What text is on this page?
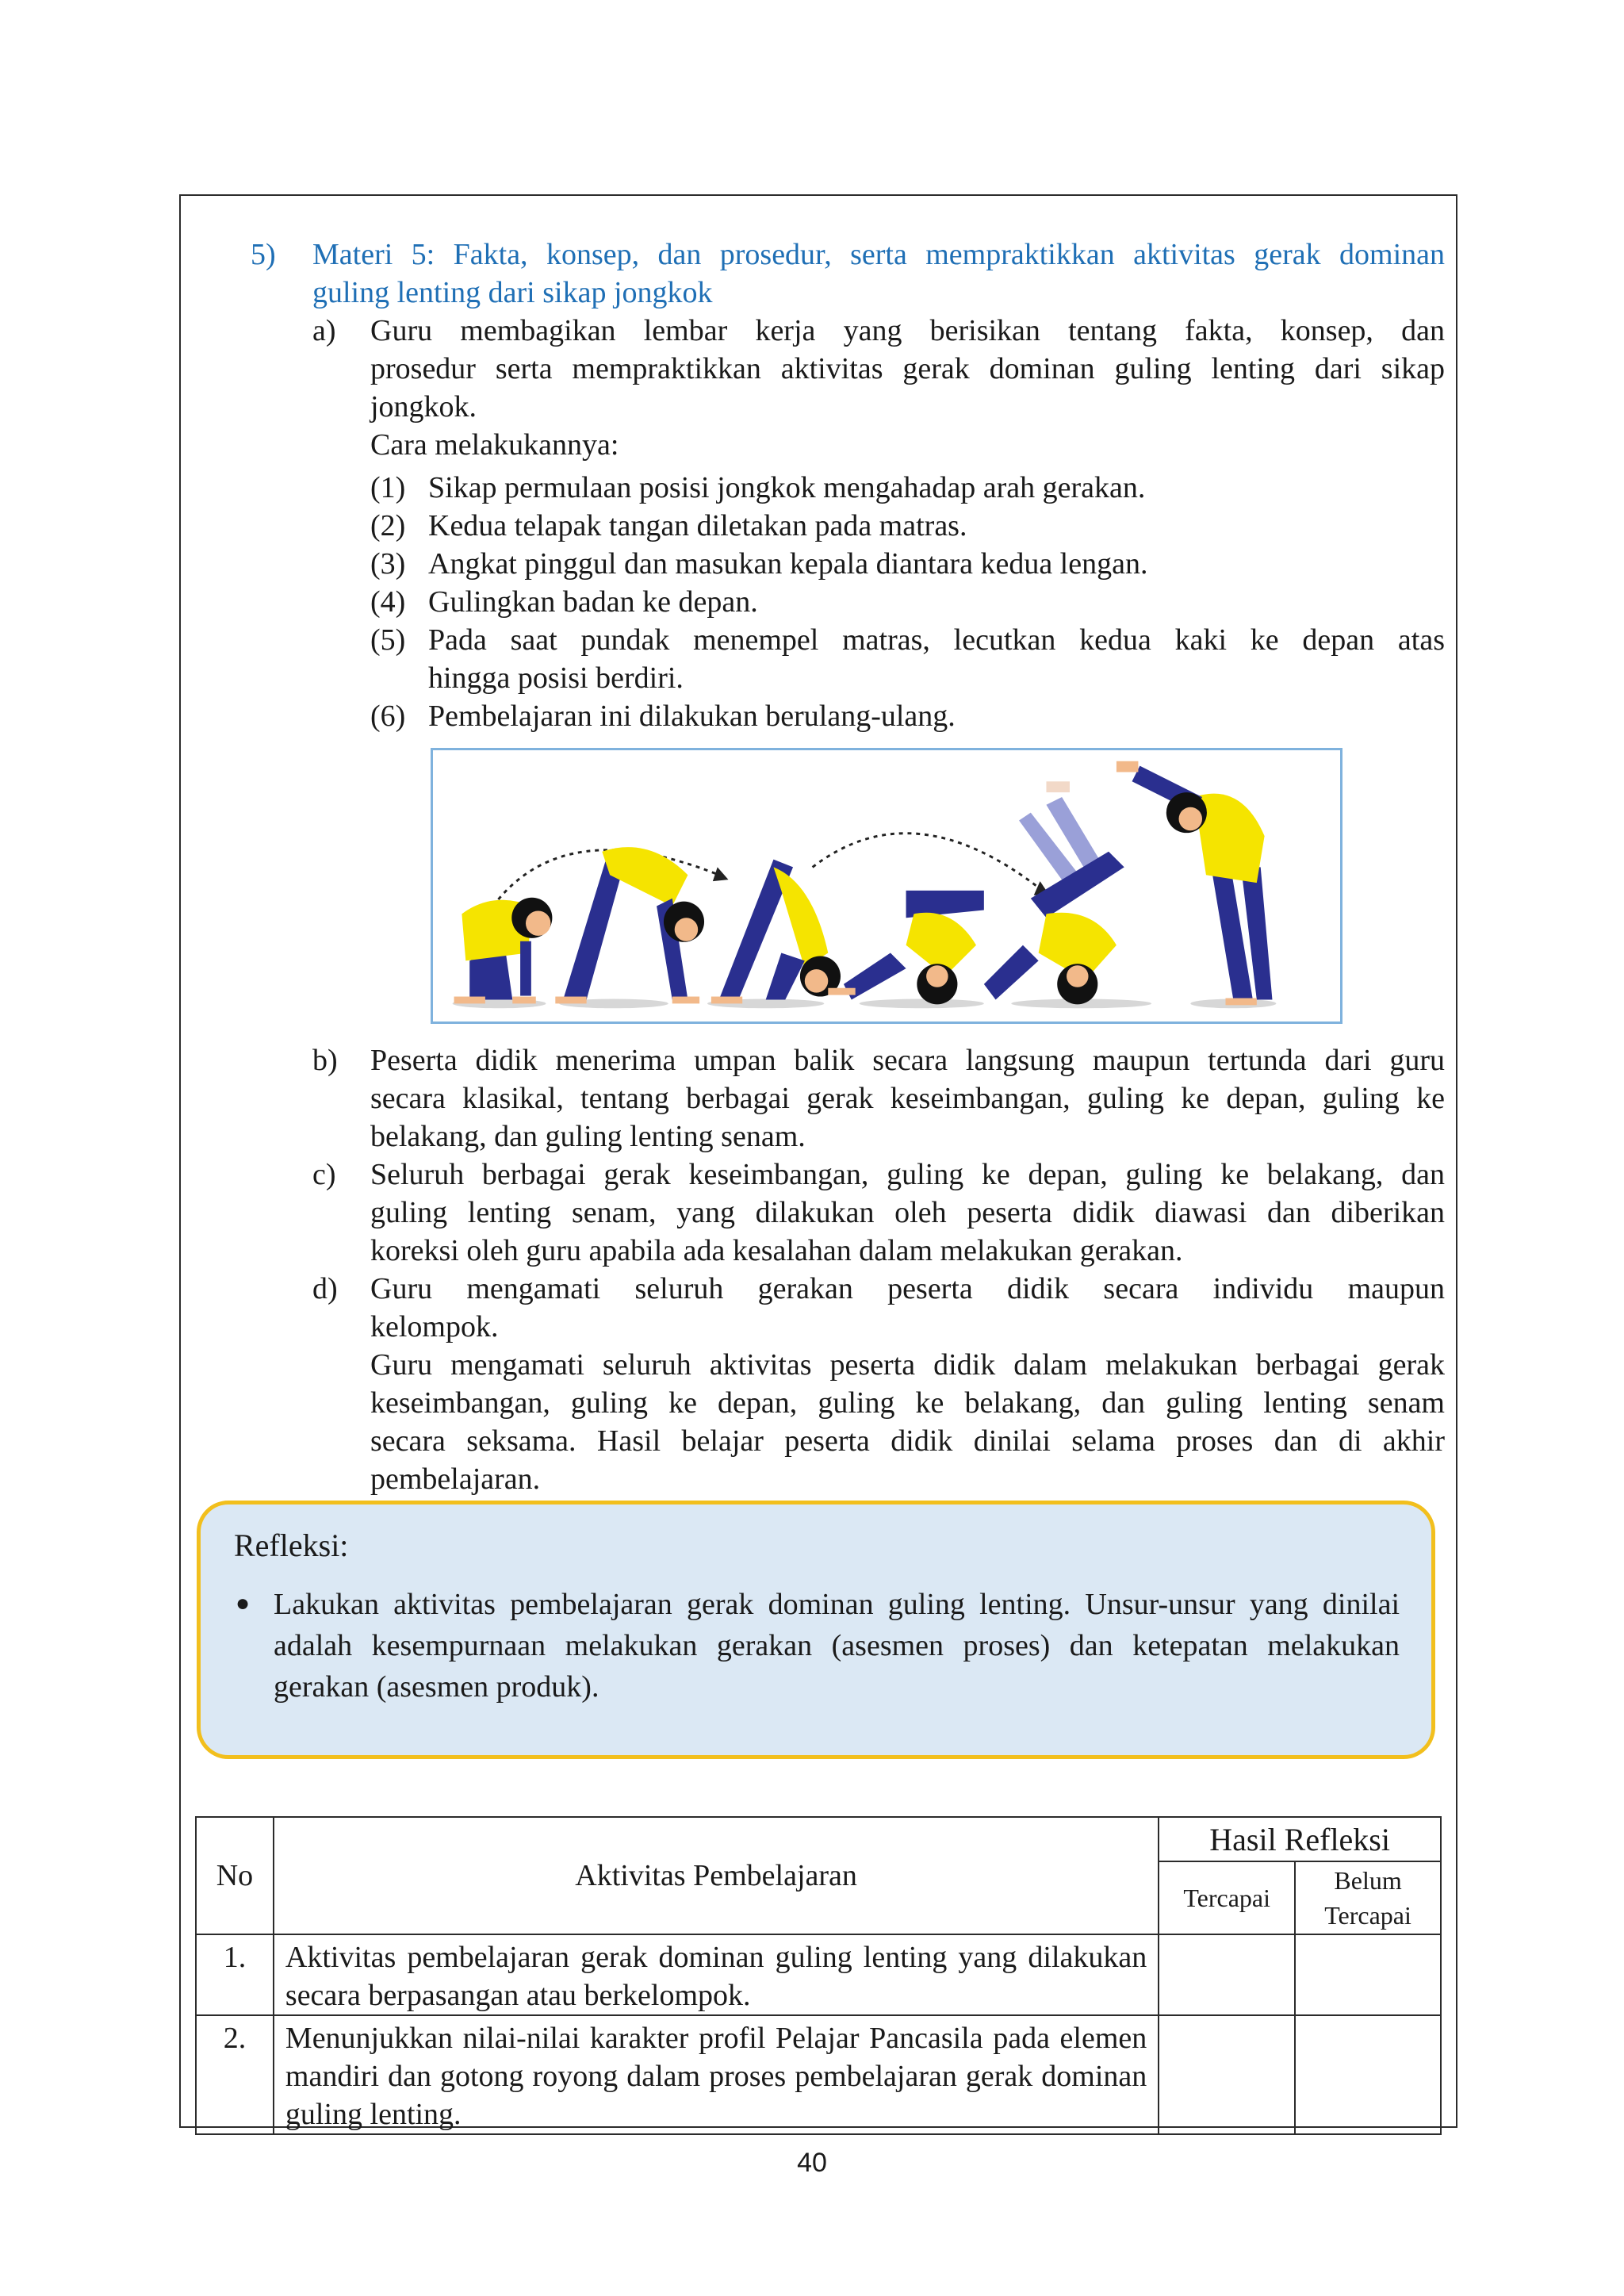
5) Materi 5: Fakta, konsep, dan prosedur, serta mempraktikkan aktivitas gerak dominan
guling lenting dari sikap jongkok
a) Guru membagikan lembar kerja yang berisikan tentang fakta, konsep, dan
prosedur serta mempraktikkan aktivitas gerak dominan guling lenting dari sikap
jongkok.
Cara melakukannya:
(1) Sikap permulaan posisi jongkok mengahadap arah gerakan.
(2) Kedua telapak tangan diletakan pada matras.
(3) Angkat pinggul dan masukan kepala diantara kedua lengan.
(4) Gulingkan badan ke depan.
(5) Pada saat pundak menempel matras, lecutkan kedua kaki ke depan atas
hingga posisi berdiri.
(6) Pembelajaran ini dilakukan berulang-ulang.
b) Peserta didik menerima umpan balik secara langsung maupun tertunda dari guru
secara klasikal, tentang berbagai gerak keseimbangan, guling ke depan, guling ke
belakang, dan guling lenting senam.
c) Seluruh berbagai gerak keseimbangan, guling ke depan, guling ke belakang, dan
guling lenting senam, yang dilakukan oleh peserta didik diawasi dan diberikan
koreksi oleh guru apabila ada kesalahan dalam melakukan gerakan.
d) Guru mengamati seluruh gerakan peserta didik secara individu maupun
kelompok.
Guru mengamati seluruh aktivitas peserta didik dalam melakukan berbagai gerak
keseimbangan, guling ke depan, guling ke belakang, dan guling lenting senam
secara seksama. Hasil belajar peserta didik dinilai selama proses dan di akhir
pembelajaran.
Refleksi:
● Lakukan aktivitas pembelajaran gerak dominan guling lenting. Unsur-unsur yang dinilai adalah kesempurnaan melakukan gerakan (asesmen proses) dan ketepatan melakukan gerakan (asesmen produk).
No	Aktivitas Pembelajaran	Hasil Refleksi	
		Tercapai	Belum
Tercapai

1.	Aktivitas pembelajaran gerak dominan guling lenting yang dilakukan secara berpasangan atau berkelompok.		
2.	Menunjukkan nilai-nilai karakter profil Pelajar Pancasila pada elemen mandiri dan gotong royong dalam proses pembelajaran gerak dominan guling lenting.		
40
